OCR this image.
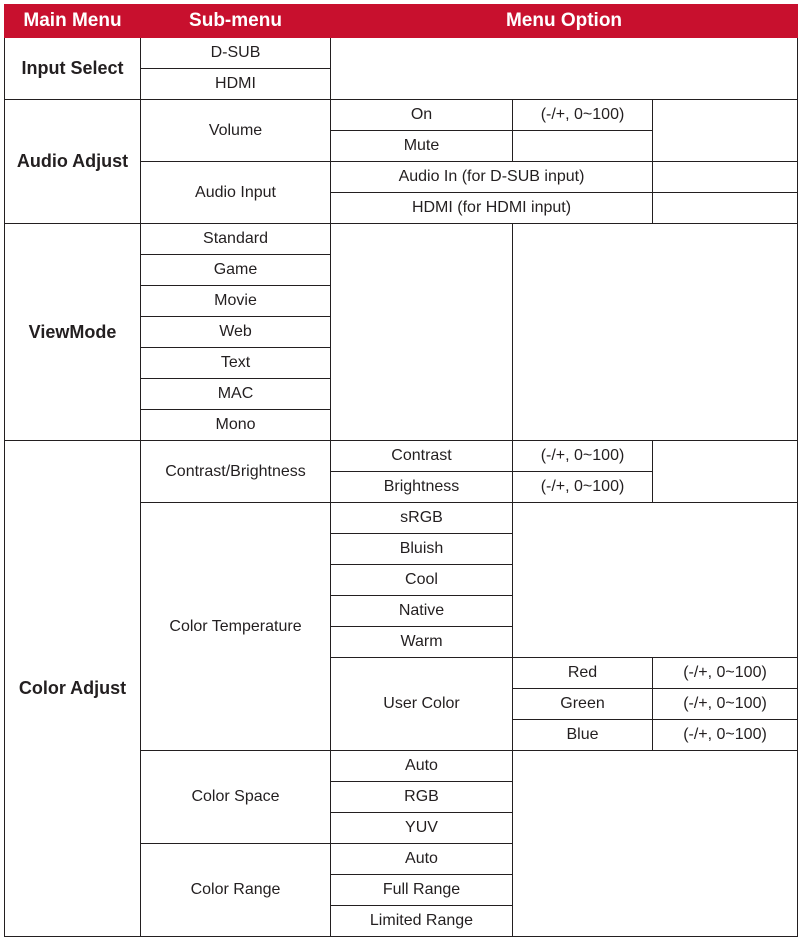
Main Menu	Sub-menu	Menu Option		
Input Select	D-SUB			
	HDMI			
Audio Adjust	Volume	On	(-/+, 0~100)	
		Mute		
	Audio Input	Audio In (for D-SUB input)		
		HDMI (for HDMI input)		
ViewMode	Standard			
	Game			
	Movie			
	Web			
	Text			
	MAC			
	Mono			
Color Adjust	Contrast/Brightness	Contrast	(-/+, 0~100)	
		Brightness	(-/+, 0~100)	
	Color Temperature	sRGB		
		Bluish		
		Cool		
		Native		
		Warm		
		User Color	Red	(-/+, 0~100)
			Green	(-/+, 0~100)
			Blue	(-/+, 0~100)
	Color Space	Auto		
		RGB		
		YUV		
	Color Range	Auto		
		Full Range		
		Limited Range		
